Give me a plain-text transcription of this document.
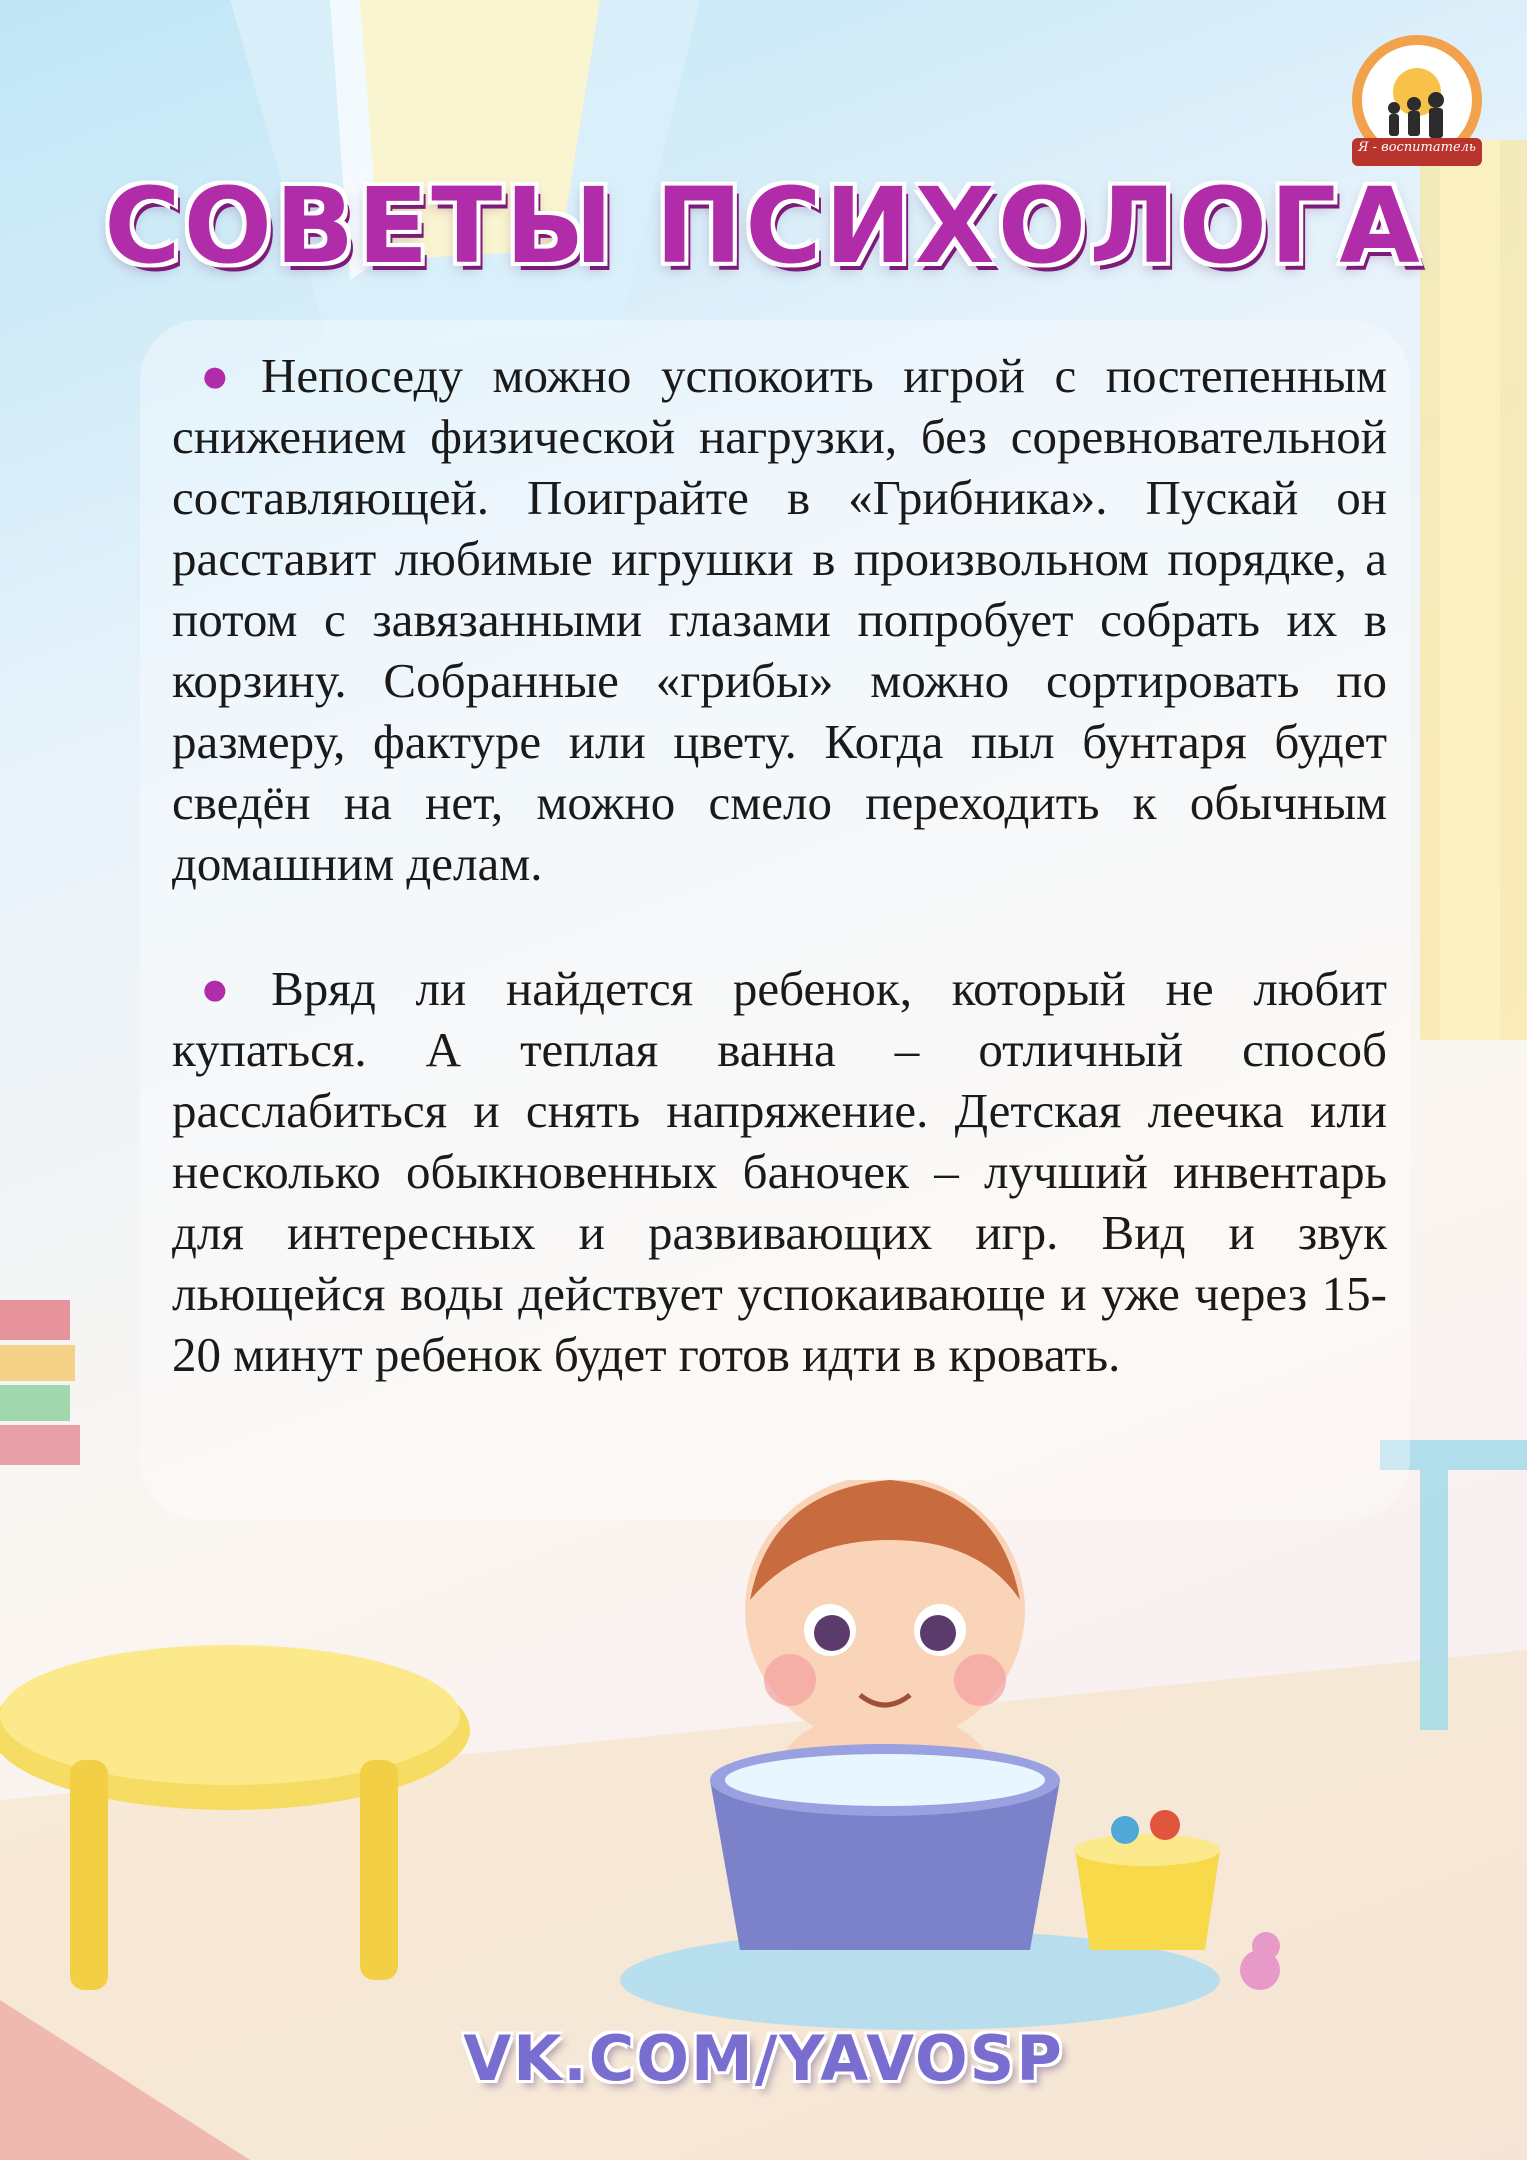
Я - воспитатель
СОВЕТЫ ПСИХОЛОГА

● Непоседу можно успокоить игрой с постепенным снижением физической нагрузки, без соревновательной составляющей. Поиграйте в «Грибника». Пускай он расставит любимые игрушки в произвольном порядке, а потом с завязанными глазами попробует собрать их в корзину. Собранные «грибы» можно сортировать по размеру, фактуре или цвету. Когда пыл бунтаря будет сведён на нет, можно смело переходить к обычным домашним делам.

● Вряд ли найдется ребенок, который не любит купаться. А теплая ванна – отличный способ расслабиться и снять напряжение. Детская леечка или несколько обыкновенных баночек – лучший инвентарь для интересных и развивающих игр. Вид и звук льющейся воды действует успокаивающе и уже через 15-20 минут ребенок будет готов идти в кровать.

VK.COM/YAVOSP
